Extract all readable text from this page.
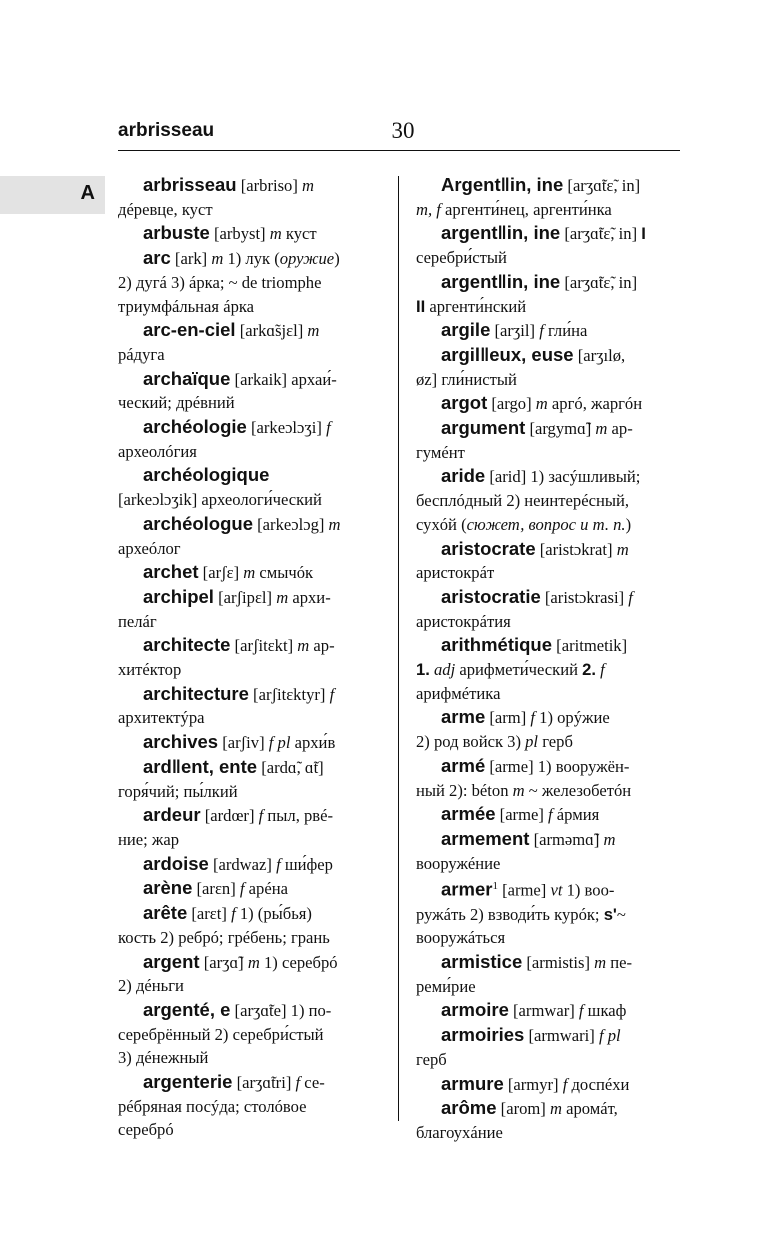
arbrisseau	30
A	arbrisseau [arbriso] m
дéревце, куст
arbuste [arbyst] m куст
arc [ark] m 1) лук (оружие)
2) дугá 3) áрка; ~ de triomphe
триумфáльная áрка
arc-en-ciel [arkɑ̃sjɛl] m
рáдуга
archaïque [arkaik] архаи́-
ческий; дрéвний
archéologie [arkeɔlɔʒi] f
археолóгия
archéologique
[arkeɔlɔʒik] археологи́ческий
archéologue [arkeɔlɔg] m
археóлог
archet [arʃɛ] m смычóк
archipel [arʃipɛl] m архи-
пелáг
architecte [arʃitɛkt] m ар-
хитéктор
architecture [arʃitɛktyr] f
архитектýра
archives [arʃiv] f pl архи́в
ard‖ent, ente [ardɑ̃, ɑ̃t]
горя́чий; пы́лкий
ardeur [ardœr] f пыл, рвé-
ние; жар
ardoise [ardwaz] f ши́фер
arène [arɛn] f арéна
arête [arɛt] f 1) (ры́бья)
кость 2) ребрó; грéбень; грань
argent [arʒɑ̃] m 1) серебрó
2) дéньги
argenté, e [arʒɑ̃te] 1) по-
серебрённый 2) серебри́стый
3) дéнежный
argenterie [arʒɑ̃tri] f се-
рéбряная посýда; столóвое
серебрó
Argent‖in, ine [arʒɑ̃tɛ̃, in]
m, f аргенти́нец, аргенти́нка
argent‖in, ine [arʒɑ̃tɛ̃, in] I
серебри́стый
argent‖in, ine [arʒɑ̃tɛ̃, in]
II аргенти́нский
argile [arʒil] f гли́на
argil‖eux, euse [arʒılø,
øz] гли́нистый
argot [argo] m аргó, жаргóн
argument [argymɑ̃] m ар-
гумéнт
aride [arid] 1) засýшливый;
бесплóдный 2) неинтерéсный,
сухóй (сюжет, вопрос и т. п.)
aristocrate [aristɔkrat] m
аристокрáт
aristocratie [aristɔkrasi] f
аристокрáтия
arithmétique [aritmetik]
1. adj арифмети́ческий 2. f
арифмéтика
arme [arm] f 1) орýжие
2) род войск 3) pl герб
armé [arme] 1) вооружён-
ный 2): béton m ~ железобетóн
armée [arme] f áрмия
armement [arməmɑ̃] m
вооружéние
armer$^1$ [arme] vt 1) воо-
ружáть 2) взводи́ть курóк; s'~
вооружáться
armistice [armistis] m пе-
реми́рие
armoire [armwar] f шкаф
armoiries [armwari] f pl
герб
armure [armyr] f доспéхи
arôme [arom] m аромáт,
благоухáние
